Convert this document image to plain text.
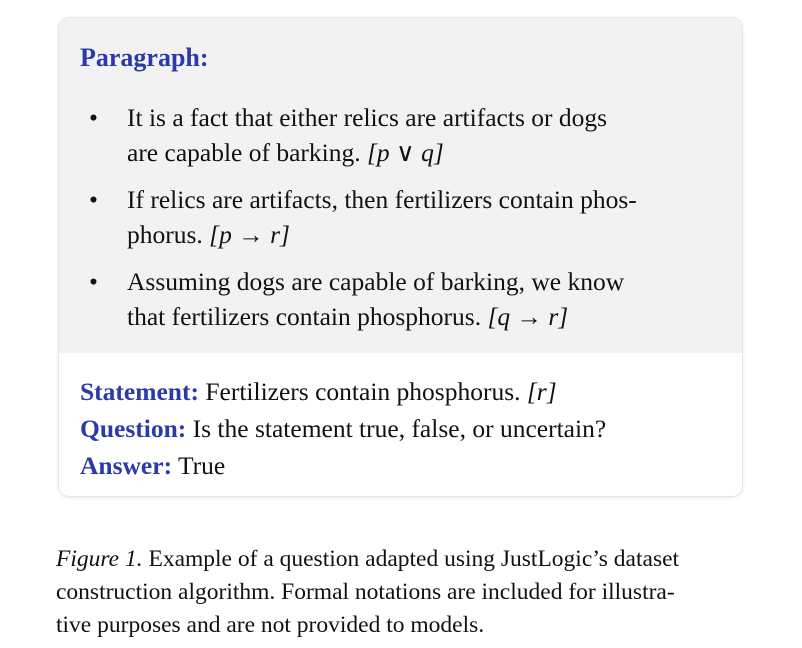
Paragraph:
•	It is a fact that either relics are artifacts or dogs
are capable of barking. [p ∨ q]
•	If relics are artifacts, then fertilizers contain phos-
phorus. [p → r]
•	Assuming dogs are capable of barking, we know
that fertilizers contain phosphorus. [q → r]
Statement: Fertilizers contain phosphorus. [r]
Question: Is the statement true, false, or uncertain?
Answer: True
Figure 1. Example of a question adapted using JustLogic’s dataset
construction algorithm. Formal notations are included for illustra-
tive purposes and are not provided to models.
